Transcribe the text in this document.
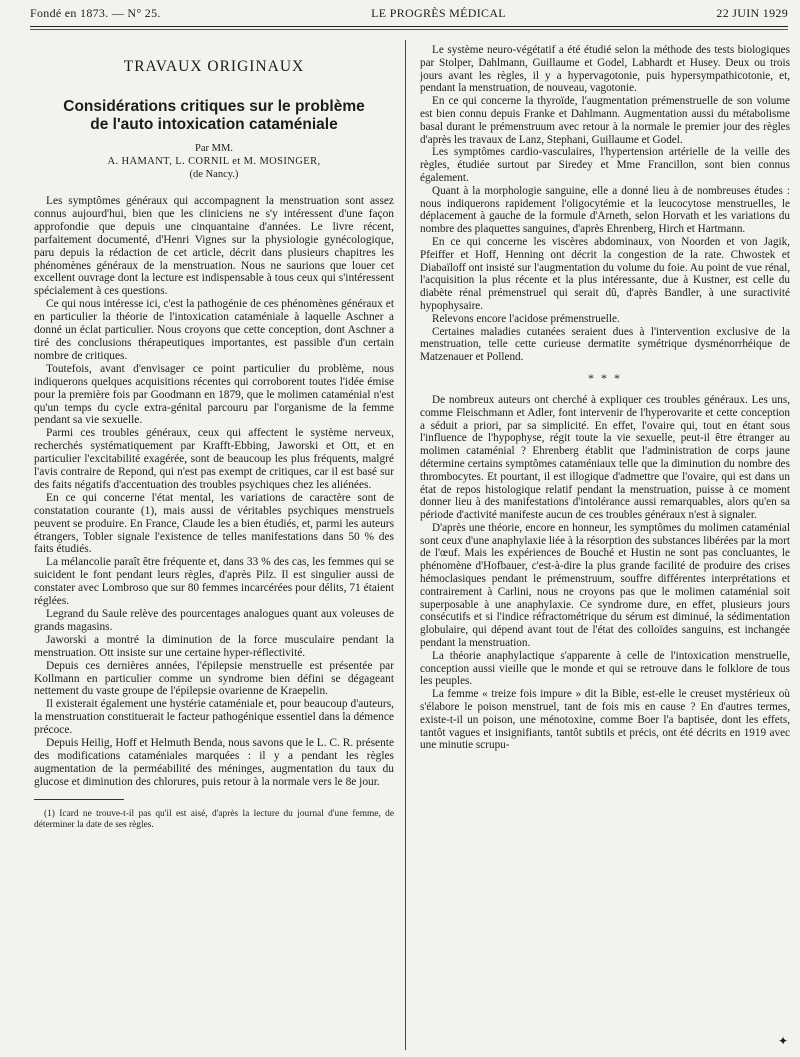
Fondé en 1873. — N° 25.	LE PROGRÈS MÉDICAL	22 JUIN 1929
TRAVAUX ORIGINAUX
Considérations critiques sur le problème
de l'auto intoxication cataméniale
Par MM.
A. HAMANT, L. CORNIL et M. MOSINGER,
(de Nancy.)

Les symptômes généraux qui accompagnent la menstruation sont assez connus aujourd'hui, bien que les cliniciens ne s'y intéressent d'une façon approfondie que depuis une cinquantaine d'années. Le livre récent, parfaitement documenté, d'Henri Vignes sur la physiologie gynécologique, paru depuis la rédaction de cet article, décrit dans plusieurs chapitres les phénomènes généraux de la menstruation. Nous ne saurions que louer cet excellent ouvrage dont la lecture est indispensable à tous ceux qui s'intéressent spécialement à ces questions.

Ce qui nous intéresse ici, c'est la pathogénie de ces phénomènes généraux et en particulier la théorie de l'intoxication cataméniale à laquelle Aschner a donné un éclat particulier. Nous croyons que cette conception, dont Aschner a tiré des conclusions thérapeutiques importantes, est passible d'un certain nombre de critiques.

Toutefois, avant d'envisager ce point particulier du problème, nous indiquerons quelques acquisitions récentes qui corroborent toutes l'idée émise pour la première fois par Goodmann en 1879, que le molimen cataménial n'est qu'un temps du cycle extra-génital parcouru par l'organisme de la femme pendant sa vie sexuelle.

Parmi ces troubles généraux, ceux qui affectent le système nerveux, recherchés systématiquement par Krafft-Ebbing, Jaworski et Ott, et en particulier l'excitabilité exagérée, sont de beaucoup les plus fréquents, malgré l'avis contraire de Repond, qui n'est pas exempt de critiques, car il est basé sur des faits négatifs d'accentuation des troubles psychiques chez les aliénées.

En ce qui concerne l'état mental, les variations de caractère sont de constatation courante (1), mais aussi de véritables psychiques menstruels peuvent se produire. En France, Claude les a bien étudiés, et, parmi les auteurs étrangers, Tobler signale l'existence de telles manifestations dans 50 % des faits étudiés.

La mélancolie paraît être fréquente et, dans 33 % des cas, les femmes qui se suicident le font pendant leurs règles, d'après Pilz. Il est singulier aussi de constater avec Lombroso que sur 80 femmes incarcérées pour délits, 71 étaient réglées.

Legrand du Saule relève des pourcentages analogues quant aux voleuses de grands magasins.

Jaworski a montré la diminution de la force musculaire pendant la menstruation. Ott insiste sur une certaine hyper-réflectivité.

Depuis ces dernières années, l'épilepsie menstruelle est présentée par Kollmann en particulier comme un syndrome bien défini se dégageant nettement du vaste groupe de l'épilepsie ovarienne de Kraepelin.

Il existerait également une hystérie cataméniale et, pour beaucoup d'auteurs, la menstruation constituerait le facteur pathogénique essentiel dans la démence précoce.

Depuis Heilig, Hoff et Helmuth Benda, nous savons que le L. C. R. présente des modifications cataméniales marquées : il y a pendant les règles augmentation de la perméabilité des méninges, augmentation du taux du glucose et diminution des chlorures, puis retour à la normale vers le 8e jour.

(1) Icard ne trouve-t-il pas qu'il est aisé, d'après la lecture du journal d'une femme, de déterminer la date de ses règles.

Le système neuro-végétatif a été étudié selon la méthode des tests biologiques par Stolper, Dahlmann, Guillaume et Godel, Labhardt et Husey. Deux ou trois jours avant les règles, il y a hypervagotonie, puis hypersympathicotonie, et, pendant la menstruation, de nouveau, vagotonie.

En ce qui concerne la thyroïde, l'augmentation prémenstruelle de son volume est bien connu depuis Franke et Dahlmann. Augmentation aussi du métabolisme basal durant le prémenstruum avec retour à la normale le premier jour des règles d'après les travaux de Lanz, Stephani, Guillaume et Godel.

Les symptômes cardio-vasculaires, l'hypertension artérielle de la veille des règles, étudiée surtout par Siredey et Mme Francillon, sont bien connus également.

Quant à la morphologie sanguine, elle a donné lieu à de nombreuses études : nous indiquerons rapidement l'oligocytémie et la leucocytose menstruelles, le déplacement à gauche de la formule d'Arneth, selon Horvath et les variations du nombre des plaquettes sanguines, d'après Ehrenberg, Hirch et Hartmann.

En ce qui concerne les viscères abdominaux, von Noorden et von Jagik, Pfeiffer et Hoff, Henning ont décrit la congestion de la rate. Chwostek et Diabaïloff ont insisté sur l'augmentation du volume du foie. Au point de vue rénal, l'acquisition la plus récente et la plus intéressante, due à Kustner, est celle du diabète rénal prémenstruel qui serait dû, d'après Bandler, à une suractivité hypophysaire.

Relevons encore l'acidose prémenstruelle.

Certaines maladies cutanées seraient dues à l'intervention exclusive de la menstruation, telle cette curieuse dermatite symétrique dysménorrhéique de Matzenauer et Pollend.

* * *

De nombreux auteurs ont cherché à expliquer ces troubles généraux. Les uns, comme Fleischmann et Adler, font intervenir de l'hyperovarite et cette conception a séduit a priori, par sa simplicité. En effet, l'ovaire qui, tout en étant sous l'influence de l'hypophyse, régit toute la vie sexuelle, peut-il être étranger au molimen cataménial ? Ehrenberg établit que l'administration de corps jaune détermine certains symptômes cataméniaux telle que la diminution du nombre des thrombocytes. Et pourtant, il est illogique d'admettre que l'ovaire, qui est dans un état de repos histologique relatif pendant la menstruation, puisse à ce moment donner lieu à des manifestations d'intolérance aussi remarquables, alors qu'en sa période d'activité manifeste aucun de ces troubles généraux n'est à signaler.

D'après une théorie, encore en honneur, les symptômes du molimen cataménial sont ceux d'une anaphylaxie liée à la résorption des substances libérées par la mort de l'œuf. Mais les expériences de Bouché et Hustin ne sont pas concluantes, le phénomène d'Hofbauer, c'est-à-dire la plus grande facilité de produire des crises hémoclasiques pendant le prémenstruum, souffre différentes interprétations et contrairement à Carlini, nous ne croyons pas que le molimen cataménial soit superposable à une anaphylaxie. Ce syndrome dure, en effet, plusieurs jours consécutifs et si l'indice réfractométrique du sérum est diminué, la sédimentation globulaire, qui dépend avant tout de l'état des colloïdes sanguins, est inchangée pendant la menstruation.

La théorie anaphylactique s'apparente à celle de l'intoxication menstruelle, conception aussi vieille que le monde et qui se retrouve dans le folklore de tous les peuples.

La femme « treize fois impure » dit la Bible, est-elle le creuset mystérieux où s'élabore le poison menstruel, tant de fois mis en cause ? En d'autres termes, existe-t-il un poison, une ménotoxine, comme Boer l'a baptisée, dont les effets, tantôt vagues et insignifiants, tantôt subtils et précis, ont été décrits en 1919 avec une minutie scrupu-

✦
